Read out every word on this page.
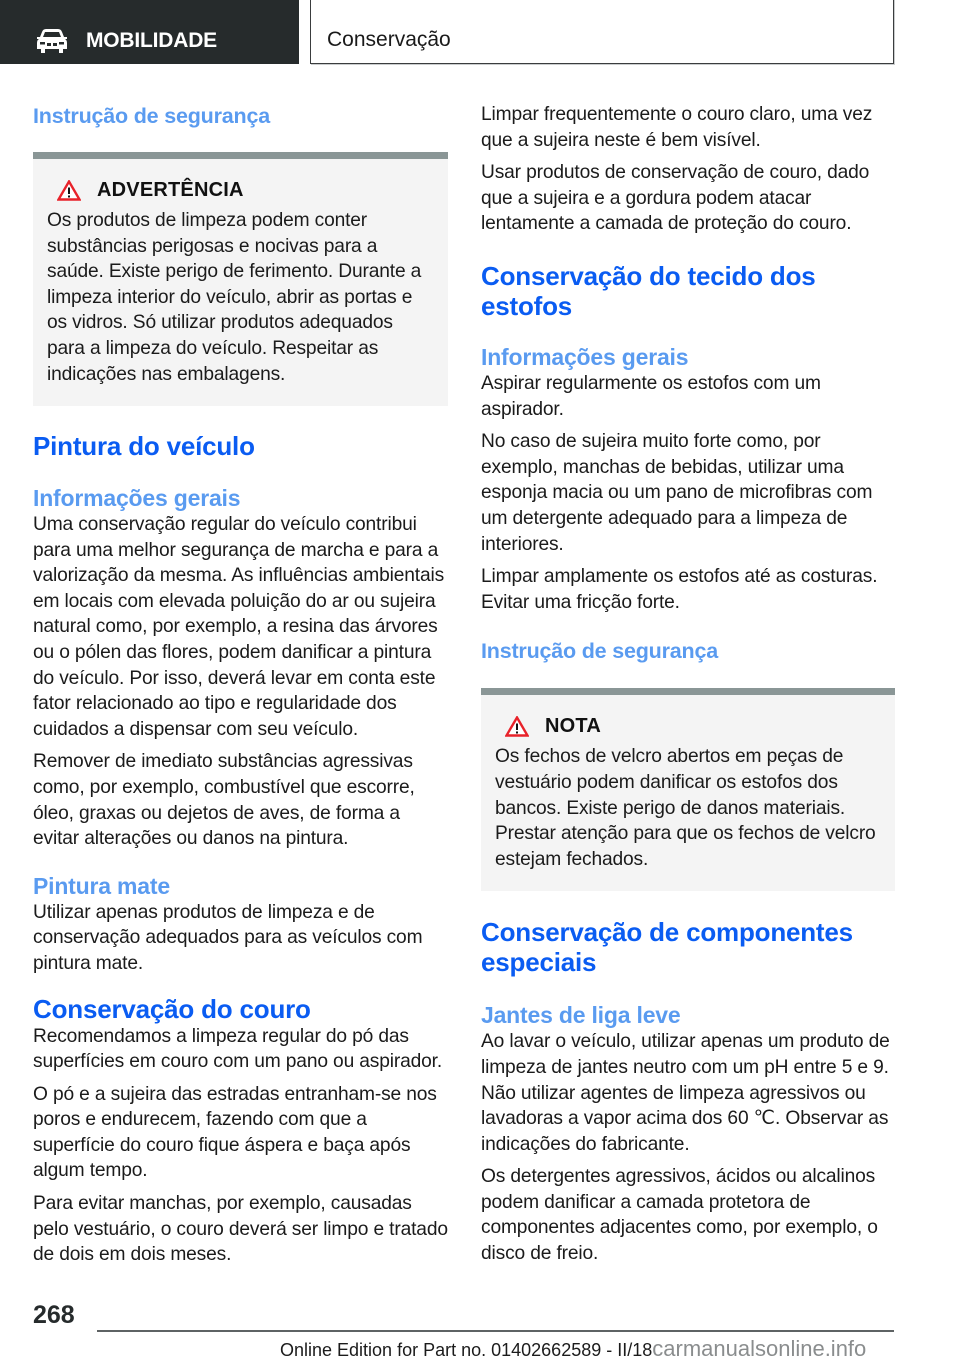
MOBILIDADE	Conservação
Instrução de segurança
ADVERTÊNCIA

Os produtos de limpeza podem conter substâncias perigosas e nocivas para a saúde. Existe perigo de ferimento. Durante a limpeza interior do veículo, abrir as portas e os vidros. Só utilizar produtos adequados para a limpeza do veículo. Respeitar as indicações nas embalagens.

Pintura do veículo
Informações gerais

Uma conservação regular do veículo contribui para uma melhor segurança de marcha e para a valorização da mesma. As influências ambientais em locais com elevada poluição do ar ou sujeira natural como, por exemplo, a resina das árvores ou o pólen das flores, podem danificar a pintura do veículo. Por isso, deverá levar em conta este fator relacionado ao tipo e regularidade dos cuidados a dispensar com seu veículo.

Remover de imediato substâncias agressivas como, por exemplo, combustível que escorre, óleo, graxas ou dejetos de aves, de forma a evitar alterações ou danos na pintura.

Pintura mate

Utilizar apenas produtos de limpeza e de conservação adequados para as veículos com pintura mate.

Conservação do couro

Recomendamos a limpeza regular do pó das superfícies em couro com um pano ou aspirador.

O pó e a sujeira das estradas entranham-se nos poros e endurecem, fazendo com que a superfície do couro fique áspera e baça após algum tempo.

Para evitar manchas, por exemplo, causadas pelo vestuário, o couro deverá ser limpo e tratado de dois em dois meses.

Limpar frequentemente o couro claro, uma vez que a sujeira neste é bem visível.

Usar produtos de conservação de couro, dado que a sujeira e a gordura podem atacar lentamente a camada de proteção do couro.

Conservação do tecido dos estofos
Informações gerais

Aspirar regularmente os estofos com um aspirador.

No caso de sujeira muito forte como, por exemplo, manchas de bebidas, utilizar uma esponja macia ou um pano de microfibras com um detergente adequado para a limpeza de interiores.

Limpar amplamente os estofos até as costuras. Evitar uma fricção forte.

Instrução de segurança
NOTA

Os fechos de velcro abertos em peças de vestuário podem danificar os estofos dos bancos. Existe perigo de danos materiais. Prestar atenção para que os fechos de velcro estejam fechados.

Conservação de componentes especiais
Jantes de liga leve

Ao lavar o veículo, utilizar apenas um produto de limpeza de jantes neutro com um pH entre 5 e 9. Não utilizar agentes de limpeza agressivos ou lavadoras a vapor acima dos 60 ℃. Observar as indicações do fabricante.

Os detergentes agressivos, ácidos ou alcalinos podem danificar a camada protetora de componentes adjacentes como, por exemplo, o disco de freio.

268
Online Edition for Part no. 01402662589 - II/18carmanualsonline.info
